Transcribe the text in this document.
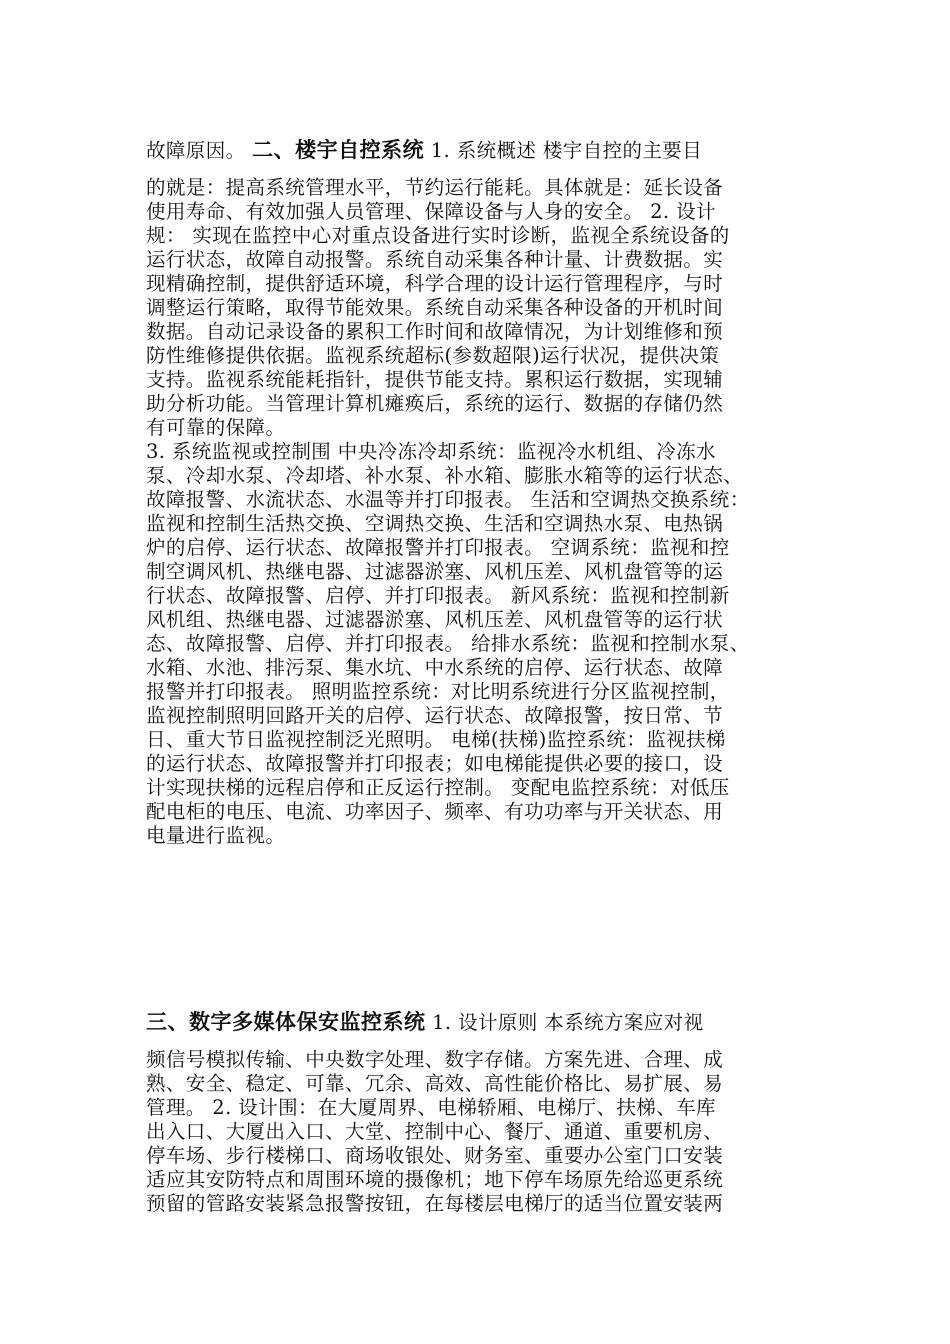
故障原因。 二、楼宇自控系统 1. 系统概述 楼宇自控的主要目
的就是：提高系统管理水平，节约运行能耗。具体就是：延长设备
使用寿命、有效加强人员管理、保障设备与人身的安全。 2. 设计
规： 实现在监控中心对重点设备进行实时诊断，监视全系统设备的
运行状态，故障自动报警。系统自动采集各种计量、计费数据。实
现精确控制，提供舒适环境，科学合理的设计运行管理程序，与时
调整运行策略，取得节能效果。系统自动采集各种设备的开机时间
数据。自动记录设备的累积工作时间和故障情况，为计划维修和预
防性维修提供依据。监视系统超标(参数超限)运行状况，提供决策
支持。监视系统能耗指针，提供节能支持。累积运行数据，实现辅
助分析功能。当管理计算机瘫痪后，系统的运行、数据的存储仍然
有可靠的保障。
3. 系统监视或控制围 中央冷冻冷却系统：监视冷水机组、冷冻水
泵、冷却水泵、冷却塔、补水泵、补水箱、膨胀水箱等的运行状态、
故障报警、水流状态、水温等并打印报表。 生活和空调热交换系统：
监视和控制生活热交换、空调热交换、生活和空调热水泵、电热锅
炉的启停、运行状态、故障报警并打印报表。 空调系统：监视和控
制空调风机、热继电器、过滤器淤塞、风机压差、风机盘管等的运
行状态、故障报警、启停、并打印报表。 新风系统：监视和控制新
风机组、热继电器、过滤器淤塞、风机压差、风机盘管等的运行状
态、故障报警、启停、并打印报表。 给排水系统：监视和控制水泵、
水箱、水池、排污泵、集水坑、中水系统的启停、运行状态、故障
报警并打印报表。 照明监控系统：对比明系统进行分区监视控制，
监视控制照明回路开关的启停、运行状态、故障报警，按日常、节
日、重大节日监视控制泛光照明。 电梯(扶梯)监控系统：监视扶梯
的运行状态、故障报警并打印报表；如电梯能提供必要的接口，设
计实现扶梯的远程启停和正反运行控制。 变配电监控系统：对低压
配电柜的电压、电流、功率因子、频率、有功功率与开关状态、用
电量进行监视。
三、数字多媒体保安监控系统 1. 设计原则 本系统方案应对视
频信号模拟传输、中央数字处理、数字存储。方案先进、合理、成
熟、安全、稳定、可靠、冗余、高效、高性能价格比、易扩展、易
管理。 2. 设计围：在大厦周界、电梯轿厢、电梯厅、扶梯、车库
出入口、大厦出入口、大堂、控制中心、餐厅、通道、重要机房、
停车场、步行楼梯口、商场收银处、财务室、重要办公室门口安装
适应其安防特点和周围环境的摄像机；地下停车场原先给巡更系统
预留的管路安装紧急报警按钮，在每楼层电梯厅的适当位置安装两
